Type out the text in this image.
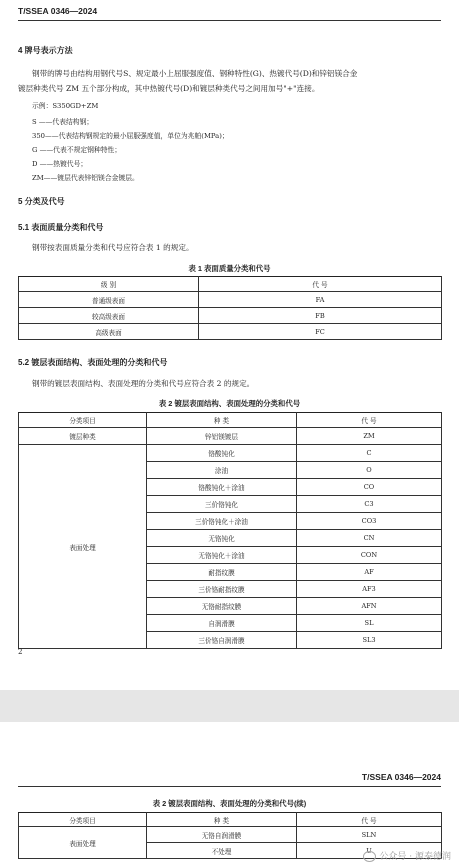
T/SSEA 0346—2024
4 牌号表示方法
钢带的牌号由结构用钢代号S、规定最小上屈服强度值、钢种特性(G)、热镀代号(D)和锌铝镁合金
镀层种类代号 ZM 五个部分构成，其中热镀代号(D)和镀层种类代号之间用加号"+"连接。
示例：S350GD+ZM
S ——代表结构钢；
350——代表结构钢规定的最小屈服强度值，单位为兆帕(MPa)；
G ——代表不规定钢种特性；
D ——热镀代号；
ZM——镀层代表锌铝镁合金镀层。
5 分类及代号
5.1 表面质量分类和代号
钢带按表面质量分类和代号应符合表 1 的规定。
表 1 表面质量分类和代号
级 别	代 号
普通级表面	FA
较高级表面	FB
高级表面	FC
5.2 镀层表面结构、表面处理的分类和代号
钢带的镀层表面结构、表面处理的分类和代号应符合表 2 的规定。
表 2 镀层表面结构、表面处理的分类和代号
分类项目	种 类	代 号
镀层种类	锌铝镁镀层	ZM
表面处理	铬酸钝化	C
	涂油	O
	铬酸钝化＋涂油	CO
	三价铬钝化	C3
	三价铬钝化＋涂油	CO3
	无铬钝化	CN
	无铬钝化＋涂油	CON
	耐指纹膜	AF
	三价铬耐指纹膜	AF3
	无铬耐指纹膜	AFN
	自润滑膜	SL
	三价铬自润滑膜	SL3
2
T/SSEA 0346—2024
表 2 镀层表面结构、表面处理的分类和代号(续)
分类项目	种 类	代 号
表面处理	无铬自润滑膜	SLN
	不处理	U
公众号 · 源泰德润
